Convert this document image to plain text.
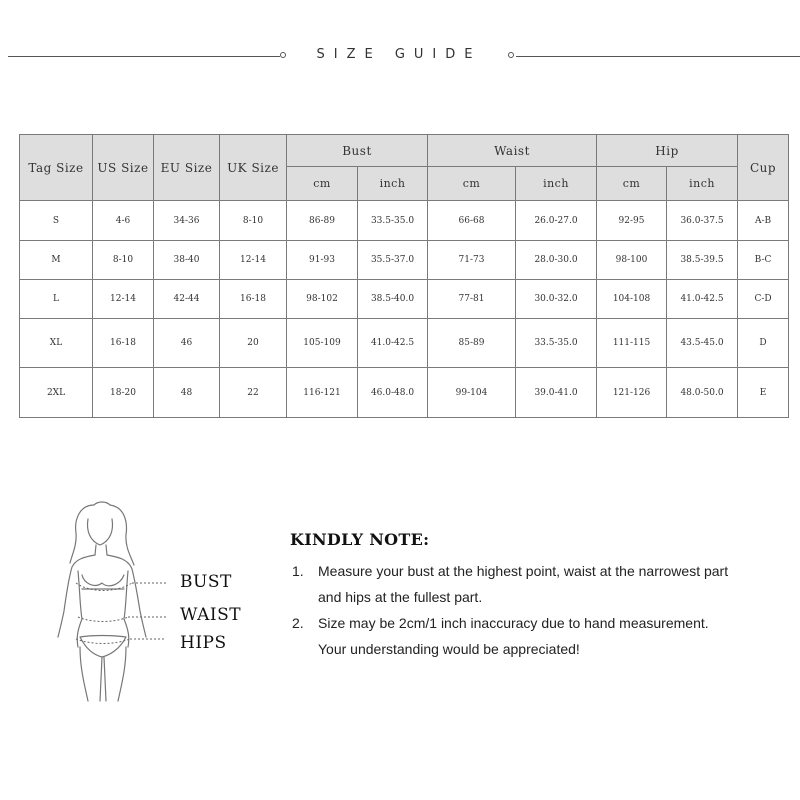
SIZE GUIDE
Tag Size	US Size	EU Size	UK Size	Bust		Waist		Hip		Cup
				cm	inch	cm	inch	cm	inch	
S	4-6	34-36	8-10	86-89	33.5-35.0	66-68	26.0-27.0	92-95	36.0-37.5	A-B
M	8-10	38-40	12-14	91-93	35.5-37.0	71-73	28.0-30.0	98-100	38.5-39.5	B-C
L	12-14	42-44	16-18	98-102	38.5-40.0	77-81	30.0-32.0	104-108	41.0-42.5	C-D
XL	16-18	46	20	105-109	41.0-42.5	85-89	33.5-35.0	111-115	43.5-45.0	D
2XL	18-20	48	22	116-121	46.0-48.0	99-104	39.0-41.0	121-126	48.0-50.0	E
BUST
WAIST
HIPS
KINDLY NOTE:
1. Measure your bust at the highest point, waist at the narrowest part
and hips at the fullest part.
2. Size may be 2cm/1 inch inaccuracy due to hand measurement.
Your understanding would be appreciated!
